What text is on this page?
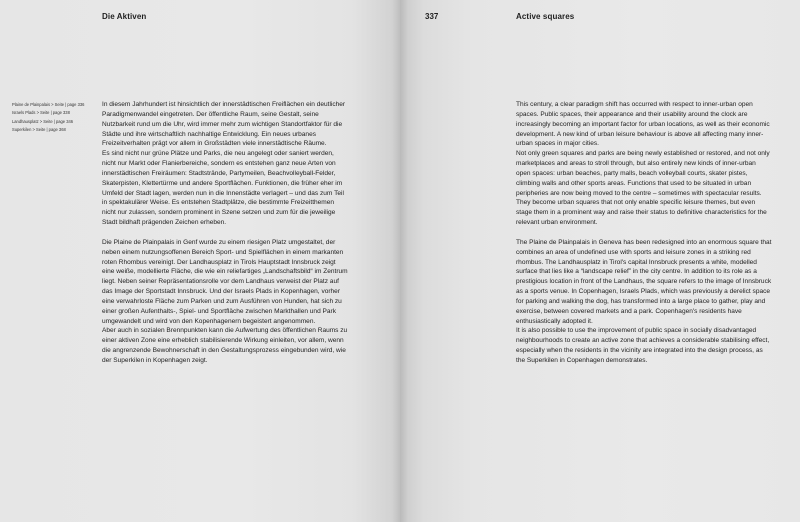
Die Aktiven
Plaine de Plainpalais > Seite | page 336
Israels Plads > Seite | page 338
Landhausplatz > Seite | page 346
Superkilen > Seite | page 368

In diesem Jahrhundert ist hinsichtlich der innerstädtischen Freiflächen ein deutlicher Paradigmenwandel eingetreten. Der öffentliche Raum, seine Gestalt, seine Nutzbarkeit rund um die Uhr, wird immer mehr zum wichtigen Standortfaktor für die Städte und ihre wirtschaftlich nachhaltige Entwicklung. Ein neues urbanes Freizeitverhalten prägt vor allem in Großstädten viele innerstädtische Räume.

Es sind nicht nur grüne Plätze und Parks, die neu angelegt oder saniert werden, nicht nur Markt oder Flanierbereiche, sondern es entstehen ganz neue Arten von innerstädtischen Freiräumen: Stadtstrände, Partymeilen, Beachvolleyball-Felder, Skaterpisten, Klettertürme und andere Sportflächen. Funktionen, die früher eher im Umfeld der Stadt lagen, werden nun in die Innenstädte verlagert – und das zum Teil in spektakulärer Weise. Es entstehen Stadtplätze, die bestimmte Freizeitthemen nicht nur zulassen, sondern prominent in Szene setzen und zum für die jeweilige Stadt bildhaft prägenden Zeichen erheben.

Die Plaine de Plainpalais in Genf wurde zu einem riesigen Platz umgestaltet, der neben einem nutzungsoffenen Bereich Sport- und Spielflächen in einem markanten roten Rhombus vereinigt. Der Landhausplatz in Tirols Hauptstadt Innsbruck zeigt eine weiße, modellierte Fläche, die wie ein reliefartiges „Landschaftsbild“ im Zentrum liegt. Neben seiner Repräsentationsrolle vor dem Landhaus verweist der Platz auf das Image der Sportstadt Innsbruck. Und der Israels Plads in Kopenhagen, vorher eine verwahrloste Fläche zum Parken und zum Ausführen von Hunden, hat sich zu einer großen Aufenthalts-, Spiel- und Sportfläche zwischen Markthallen und Park umgewandelt und wird von den Kopenhagenern begeistert angenommen.

Aber auch in sozialen Brennpunkten kann die Aufwertung des öffentlichen Raums zu einer aktiven Zone eine erheblich stabilisierende Wirkung einleiten, vor allem, wenn die angrenzende Bewohnerschaft in den Gestaltungsprozess eingebunden wird, wie der Superkilen in Kopenhagen zeigt.

337	Active squares

This century, a clear paradigm shift has occurred with respect to inner-urban open spaces. Public spaces, their appearance and their usability around the clock are increasingly becoming an important factor for urban locations, as well as their economic development. A new kind of urban leisure behaviour is above all affecting many inner-urban spaces in major cities.

Not only green squares and parks are being newly established or restored, and not only marketplaces and areas to stroll through, but also entirely new kinds of inner-urban open spaces: urban beaches, party malls, beach volleyball courts, skater pistes, climbing walls and other sports areas. Functions that used to be situated in urban peripheries are now being moved to the centre – sometimes with spectacular results. They become urban squares that not only enable specific leisure themes, but even stage them in a prominent way and raise their status to definitive characteristics for the relevant urban environment.

The Plaine de Plainpalais in Geneva has been redesigned into an enormous square that combines an area of undefined use with sports and leisure zones in a striking red rhombus. The Landhausplatz in Tirol's capital Innsbruck presents a white, modelled surface that lies like a “landscape relief” in the city centre. In addition to its role as a prestigious location in front of the Landhaus, the square refers to the image of Innsbruck as a sports venue. In Copenhagen, Israels Plads, which was previously a derelict space for parking and walking the dog, has transformed into a large place to gather, play and exercise, between covered markets and a park. Copenhagen's residents have enthusiastically adopted it.

It is also possible to use the improvement of public space in socially disadvantaged neighbourhoods to create an active zone that achieves a considerable stabilising effect, especially when the residents in the vicinity are integrated into the design process, as the Superkilen in Copenhagen demonstrates.
